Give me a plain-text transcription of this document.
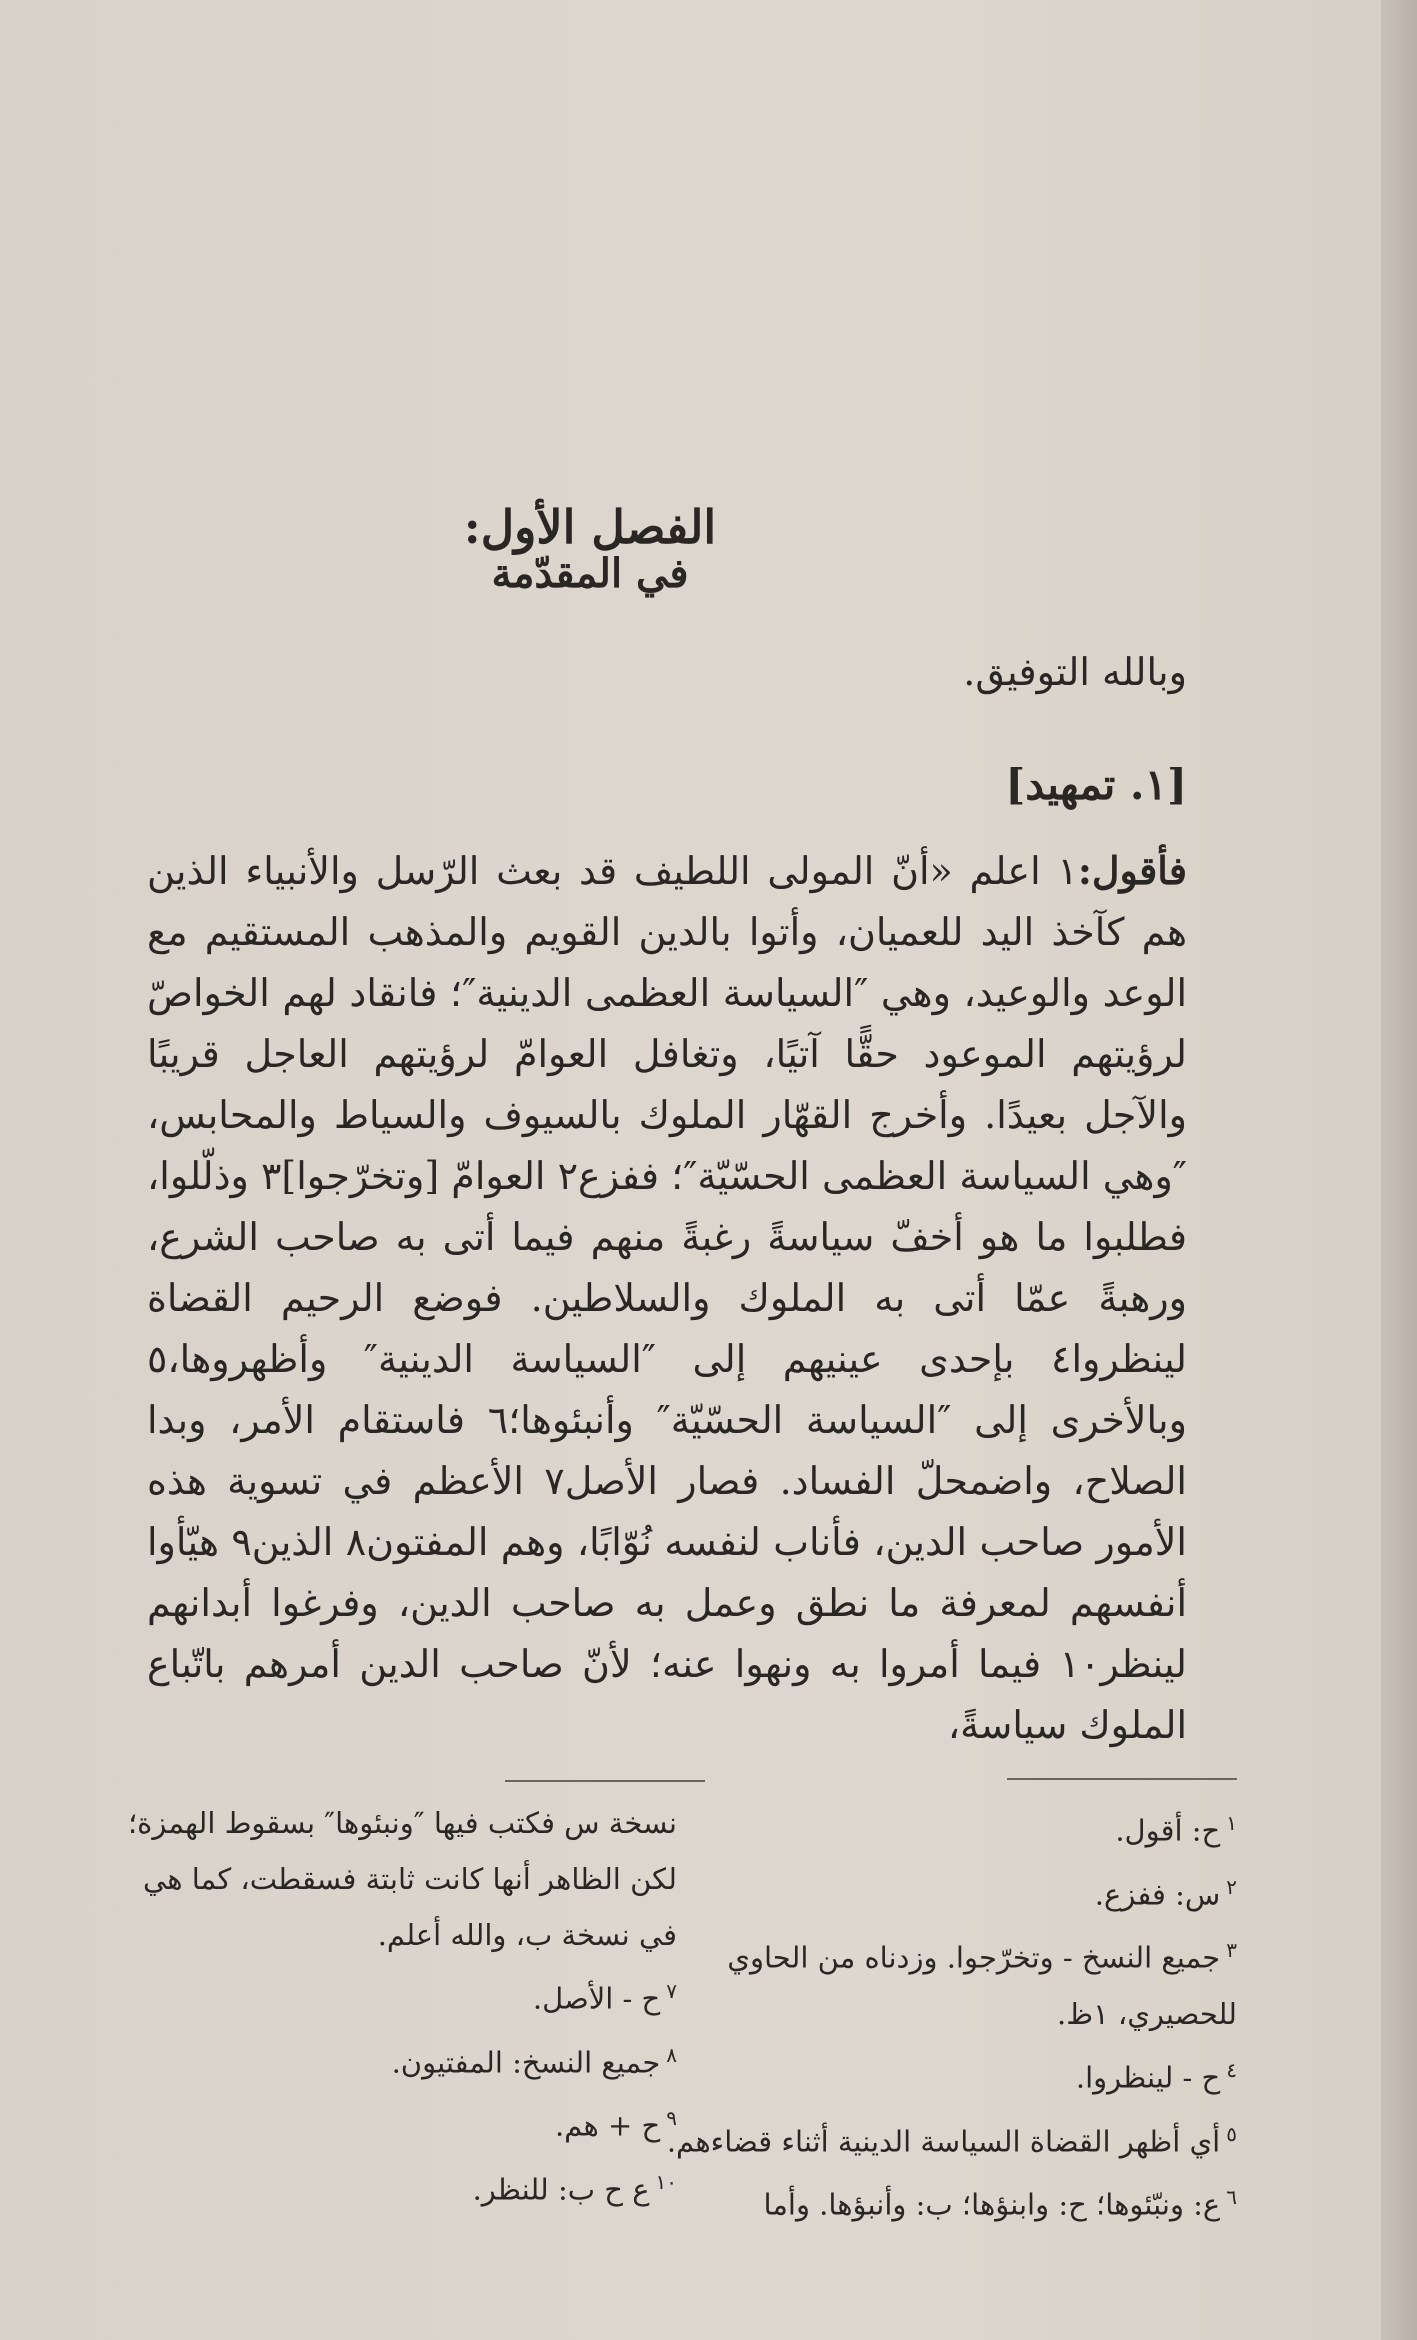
الفصل الأول:
في المقدّمة
وبالله التوفيق.
[١. تمهيد]
فأقول:١ اعلم «أنّ المولى اللطيف قد بعث الرّسل والأنبياء الذين هم كآخذ اليد للعميان، وأتوا بالدين القويم والمذهب المستقيم مع الوعد والوعيد، وهي ″السياسة العظمى الدينية″؛ فانقاد لهم الخواصّ لرؤيتهم الموعود حقًّا آتيًا، وتغافل العوامّ لرؤيتهم العاجل قريبًا والآجل بعيدًا. وأخرج القهّار الملوك بالسيوف والسياط والمحابس، ″وهي السياسة العظمى الحسّيّة″؛ ففزع٢ العوامّ [وتخرّجوا]٣ وذلّلوا، فطلبوا ما هو أخفّ سياسةً رغبةً منهم فيما أتى به صاحب الشرع، ورهبةً عمّا أتى به الملوك والسلاطين. فوضع الرحيم القضاة لينظروا٤ بإحدى عينيهم إلى ″السياسة الدينية″ وأظهروها،٥ وبالأخرى إلى ″السياسة الحسّيّة″ وأنبئوها؛٦ فاستقام الأمر، وبدا الصلاح، واضمحلّ الفساد. فصار الأصل٧ الأعظم في تسوية هذه الأمور صاحب الدين، فأناب لنفسه نُوّابًا، وهم المفتون٨ الذين٩ هيّأوا أنفسهم لمعرفة ما نطق وعمل به صاحب الدين، وفرغوا أبدانهم لينظر١٠ فيما أمروا به ونهوا عنه؛ لأنّ صاحب الدين أمرهم باتّباع الملوك سياسةً،
$^١$ح: أقول.
$^٢$س: ففزع.
$^٣$جميع النسخ - وتخرّجوا. وزدناه من الحاوي
للحصيري، ١ظ.
$^٤$ح - لينظروا.
$^٥$أي أظهر القضاة السياسة الدينية أثناء قضاءهم.
$^٦$ع: ونبّئوها؛ ح: وابنؤها؛ ب: وأنبؤها. وأما
نسخة س فكتب فيها ″ونبئوها″ بسقوط الهمزة؛
لكن الظاهر أنها كانت ثابتة فسقطت، كما هي
في نسخة ب، والله أعلم.
$^٧$ح - الأصل.
$^٨$جميع النسخ: المفتيون.
$^٩$ح + هم.
$^{١٠}$ع ح ب: للنظر.
